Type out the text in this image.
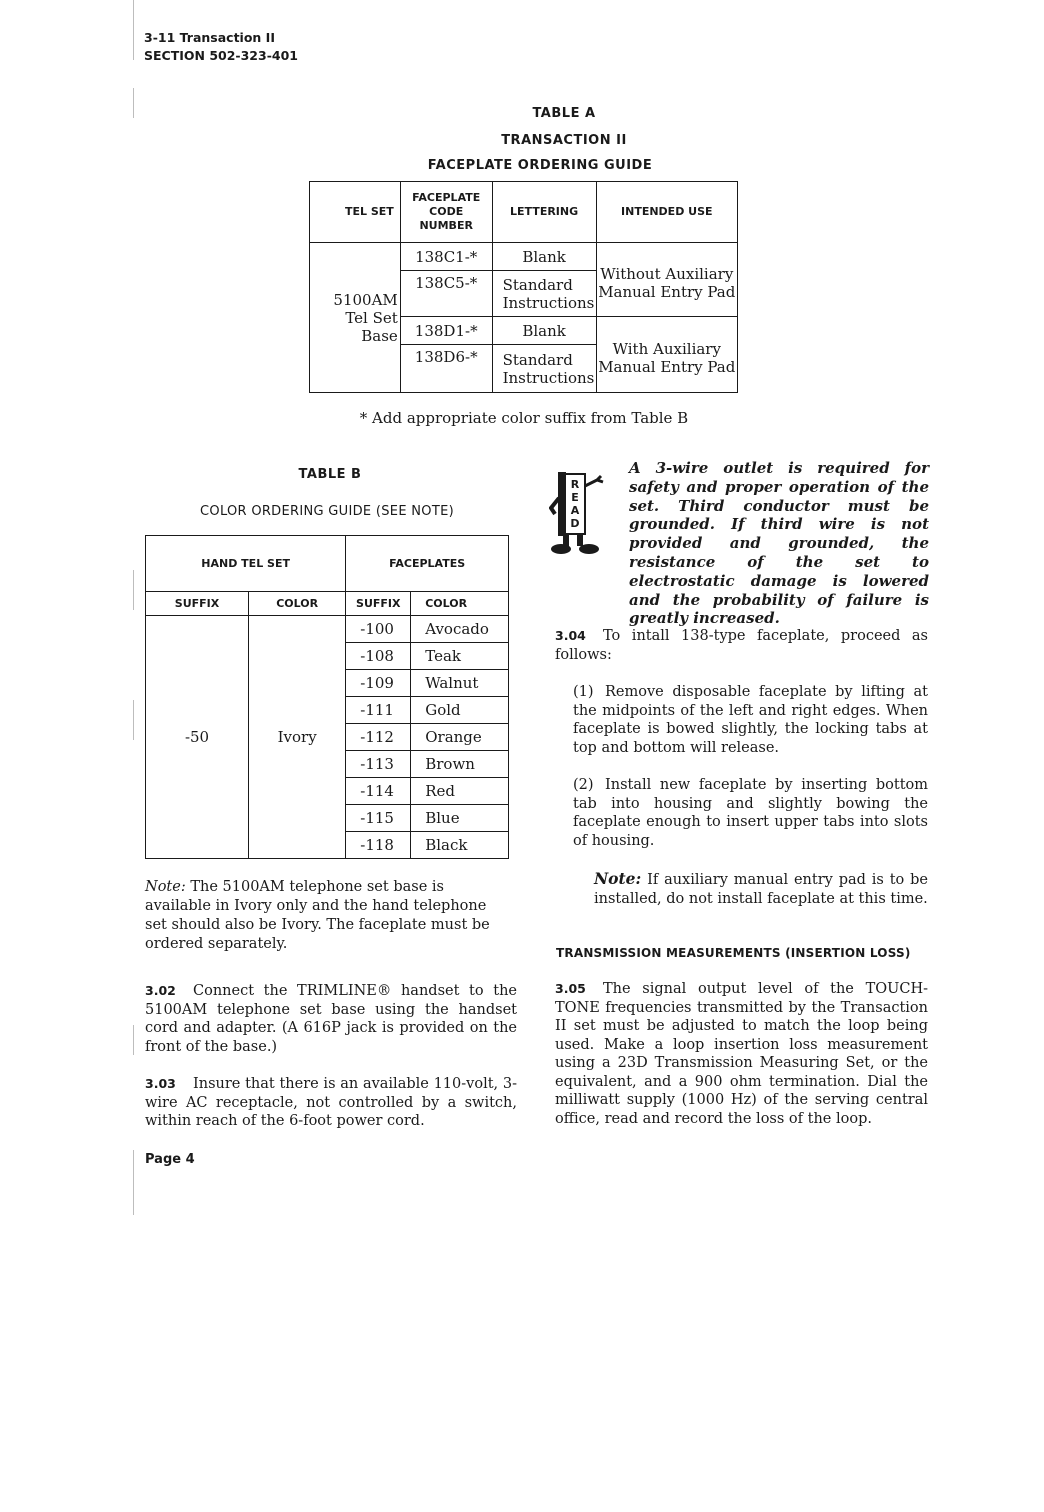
3-11 Transaction II
SECTION 502-323-401
TABLE A
TRANSACTION II
FACEPLATE ORDERING GUIDE
TEL SET	FACEPLATE CODE NUMBER	LETTERING	INTENDED USE
5100AM Tel Set Base	138C1-*	Blank	Without Auxiliary Manual Entry Pad
	138C5-*	Standard Instructions	
	138D1-*	Blank	With Auxiliary Manual Entry Pad
	138D6-*	Standard Instructions	
* Add appropriate color suffix from Table B
TABLE B
COLOR ORDERING GUIDE (SEE NOTE)
HAND TEL SET		FACEPLATES	
SUFFIX	COLOR	SUFFIX	COLOR
-50	Ivory	-100	Avocado
		-108	Teak
		-109	Walnut
		-111	Gold
		-112	Orange
		-113	Brown
		-114	Red
		-115	Blue
		-118	Black
Note: The 5100AM telephone set base is available in Ivory only and the hand telephone set should also be Ivory. The faceplate must be ordered separately.
3.02 Connect the TRIMLINE® handset to the 5100AM telephone set base using the handset cord and adapter. (A 616P jack is provided on the front of the base.)
3.03 Insure that there is an available 110-volt, 3-wire AC receptacle, not controlled by a switch, within reach of the 6-foot power cord.
R
E
A
D
A 3-wire outlet is required for safety and proper operation of the set. Third conductor must be grounded. If third wire is not provided and grounded, the resistance of the set to electrostatic damage is lowered and the probability of failure is greatly increased.
3.04 To intall 138-type faceplate, proceed as follows:
(1) Remove disposable faceplate by lifting at the midpoints of the left and right edges. When faceplate is bowed slightly, the locking tabs at top and bottom will release.
(2) Install new faceplate by inserting bottom tab into housing and slightly bowing the faceplate enough to insert upper tabs into slots of housing.
Note: If auxiliary manual entry pad is to be installed, do not install faceplate at this time.
TRANSMISSION MEASUREMENTS (INSERTION LOSS)
3.05 The signal output level of the TOUCH-TONE frequencies transmitted by the Transaction II set must be adjusted to match the loop being used. Make a loop insertion loss measurement using a 23D Transmission Measuring Set, or the equivalent, and a 900 ohm termination. Dial the milliwatt supply (1000 Hz) of the serving central office, read and record the loss of the loop.
Page 4
